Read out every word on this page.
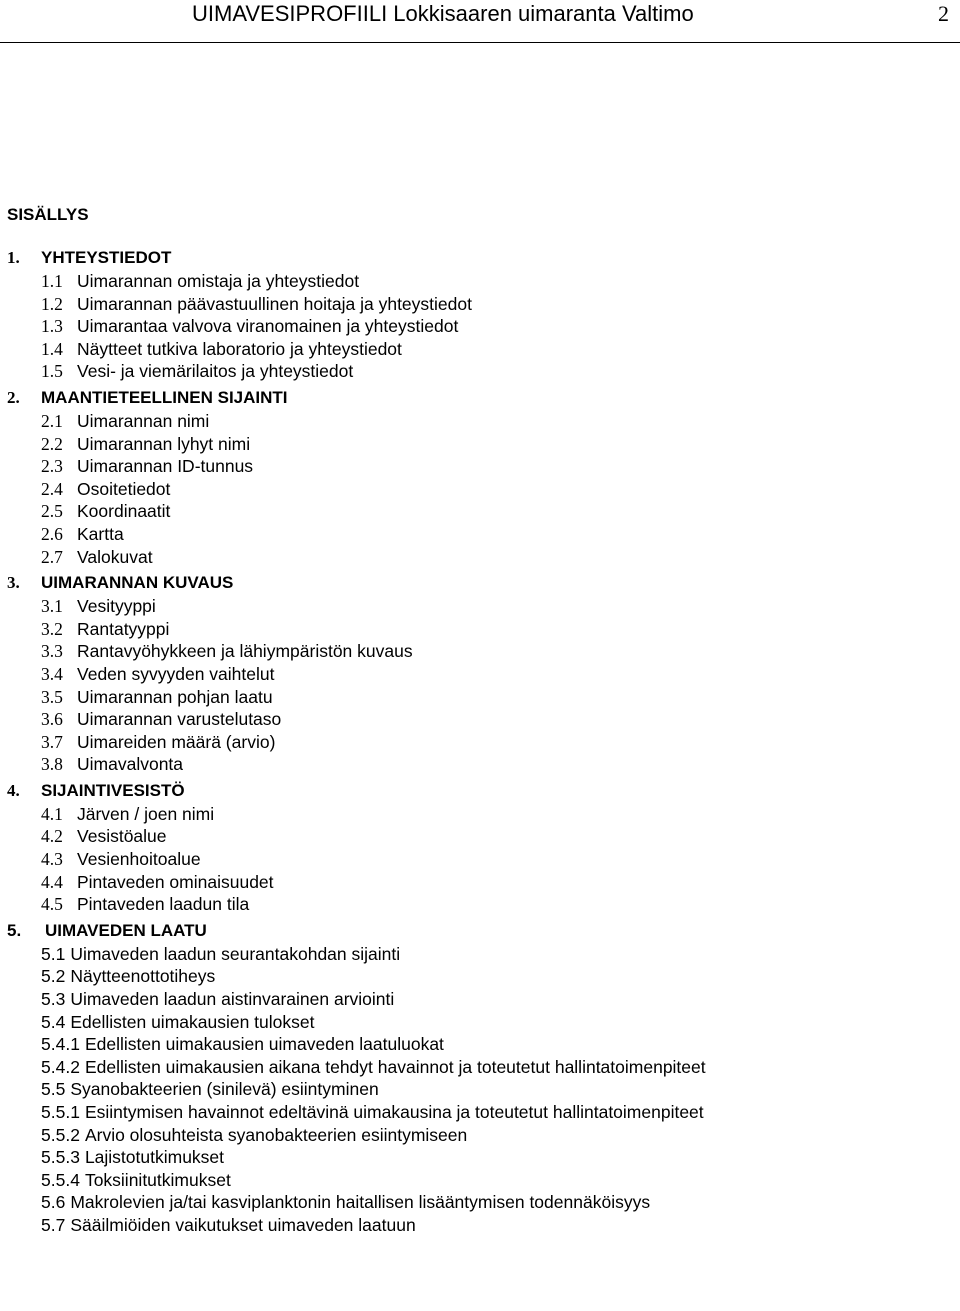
UIMAVESIPROFIILI Lokkisaaren uimaranta Valtimo	2
SISÄLLYS
1.	YHTEYSTIEDOT
1.1 Uimarannan omistaja ja yhteystiedot
1.2 Uimarannan päävastuullinen hoitaja ja yhteystiedot
1.3 Uimarantaa valvova viranomainen ja yhteystiedot
1.4 Näytteet tutkiva laboratorio ja yhteystiedot
1.5 Vesi- ja viemärilaitos ja yhteystiedot
2.	MAANTIETEELLINEN SIJAINTI
2.1 Uimarannan nimi
2.2 Uimarannan lyhyt nimi
2.3 Uimarannan ID-tunnus
2.4 Osoitetiedot
2.5 Koordinaatit
2.6 Kartta
2.7 Valokuvat
3.	UIMARANNAN KUVAUS
3.1 Vesityyppi
3.2 Rantatyyppi
3.3 Rantavyöhykkeen ja lähiympäristön kuvaus
3.4 Veden syvyyden vaihtelut
3.5 Uimarannan pohjan laatu
3.6 Uimarannan varustelutaso
3.7 Uimareiden määrä (arvio)
3.8 Uimavalvonta
4.	SIJAINTIVESISTÖ
4.1 Järven / joen nimi
4.2 Vesistöalue
4.3 Vesienhoitoalue
4.4 Pintaveden ominaisuudet
4.5 Pintaveden laadun tila
5.	UIMAVEDEN LAATU
5.1 Uimaveden laadun seurantakohdan sijainti
5.2 Näytteenottotiheys
5.3 Uimaveden laadun aistinvarainen arviointi
5.4 Edellisten uimakausien tulokset
5.4.1 Edellisten uimakausien uimaveden laatuluokat
5.4.2 Edellisten uimakausien aikana tehdyt havainnot ja toteutetut hallintatoimenpiteet
5.5 Syanobakteerien (sinilevä) esiintyminen
5.5.1 Esiintymisen havainnot edeltävinä uimakausina ja toteutetut hallintatoimenpiteet
5.5.2 Arvio olosuhteista syanobakteerien esiintymiseen
5.5.3 Lajistotutkimukset
5.5.4 Toksiinitutkimukset
5.6 Makrolevien ja/tai kasviplanktonin haitallisen lisääntymisen todennäköisyys
5.7 Sääilmiöiden vaikutukset uimaveden laatuun
